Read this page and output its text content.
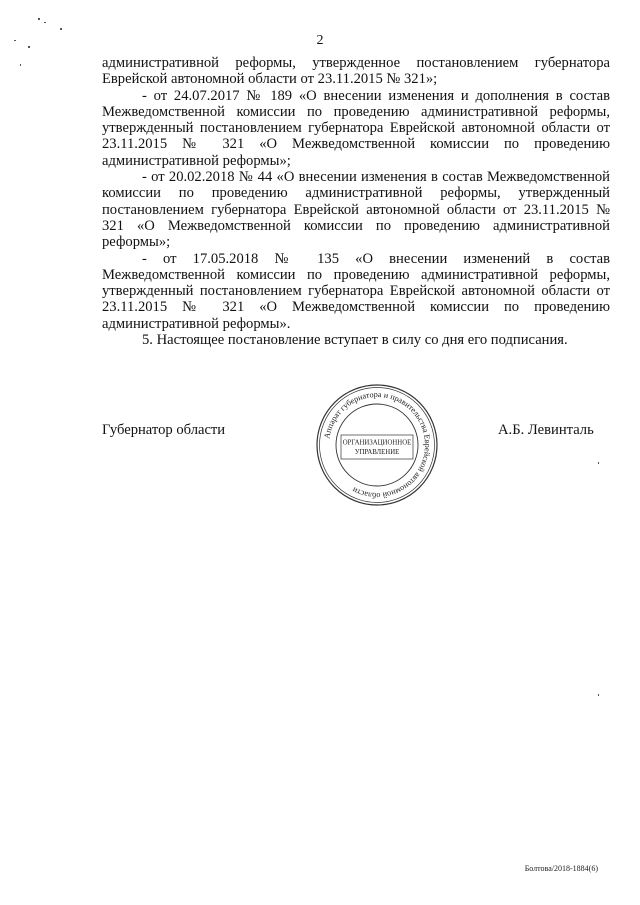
2

административной реформы, утвержденное постановлением губернатора Еврейской автономной области от 23.11.2015 № 321»;

- от 24.07.2017 № 189 «О внесении изменения и дополнения в состав Межведомственной комиссии по проведению административной реформы, утвержденный постановлением губернатора Еврейской автономной области от 23.11.2015 № 321 «О Межведомственной комиссии по проведению административной реформы»;

- от 20.02.2018 № 44 «О внесении изменения в состав Межведомственной комиссии по проведению административной реформы, утвержденный постановлением губернатора Еврейской автономной области от 23.11.2015 № 321 «О Межведомственной комиссии по проведению административной реформы»;

- от 17.05.2018 № 135 «О внесении изменений в состав Межведомственной комиссии по проведению административной реформы, утвержденный постановлением губернатора Еврейской автономной области от 23.11.2015 № 321 «О Межведомственной комиссии по проведению административной реформы».

5. Настоящее постановление вступает в силу со дня его подписания.

Губернатор области	А.Б. Левинталь
Аппарат губернатора и правительства Еврейской автономной области
ОРГАНИЗАЦИОННОЕ
УПРАВЛЕНИЕ
Болтова/2018-1884(6)
